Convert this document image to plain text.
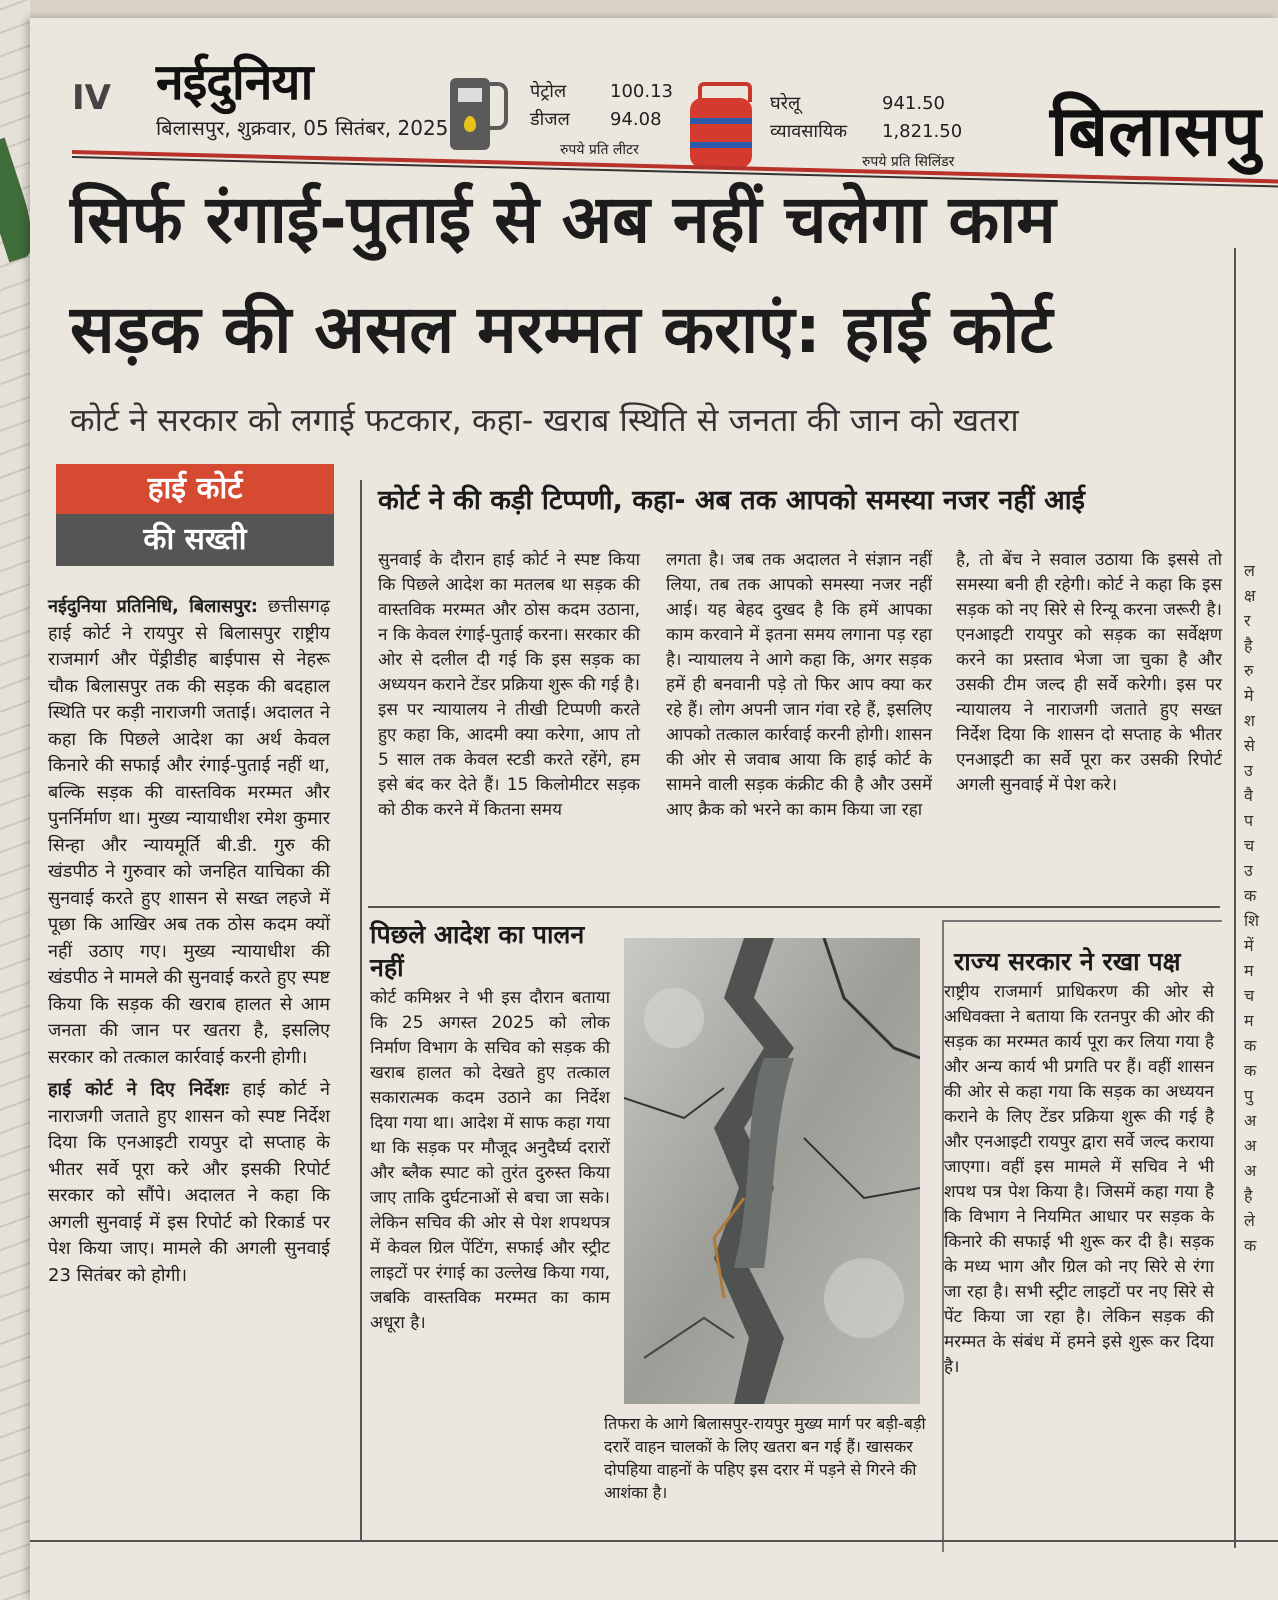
IV नईदुनिया
बिलासपुर, शुक्रवार, 05 सितंबर, 2025
पेट्रोल	100.13
डीजल	94.08
रुपये प्रति लीटर
घरेलू	941.50
व्यावसायिक	1,821.50
रुपये प्रति सिलिंडर बिलासपु
सिर्फ रंगाई-पुताई से अब नहीं चलेगा काम
सड़क की असल मरम्मत कराएं: हाई कोर्ट
कोर्ट ने सरकार को लगाई फटकार, कहा- खराब स्थिति से जनता की जान को खतरा
हाई कोर्ट
की सख्ती

नईदुनिया प्रतिनिधि, बिलासपुर: छत्तीसगढ़ हाई कोर्ट ने रायपुर से बिलासपुर राष्ट्रीय राजमार्ग और पेंड्रीडीह बाईपास से नेहरू चौक बिलासपुर तक की सड़क की बदहाल स्थिति पर कड़ी नाराजगी जताई। अदालत ने कहा कि पिछले आदेश का अर्थ केवल किनारे की सफाई और रंगाई-पुताई नहीं था, बल्कि सड़क की वास्तविक मरम्मत और पुनर्निर्माण था। मुख्य न्यायाधीश रमेश कुमार सिन्हा और न्यायमूर्ति बी.डी. गुरु की खंडपीठ ने गुरुवार को जनहित याचिका की सुनवाई करते हुए शासन से सख्त लहजे में पूछा कि आखिर अब तक ठोस कदम क्यों नहीं उठाए गए। मुख्य न्यायाधीश की खंडपीठ ने मामले की सुनवाई करते हुए स्पष्ट किया कि सड़क की खराब हालत से आम जनता की जान पर खतरा है, इसलिए सरकार को तत्काल कार्रवाई करनी होगी।

हाई कोर्ट ने दिए निर्देशः हाई कोर्ट ने नाराजगी जताते हुए शासन को स्पष्ट निर्देश दिया कि एनआइटी रायपुर दो सप्ताह के भीतर सर्वे पूरा करे और इसकी रिपोर्ट सरकार को सौंपे। अदालत ने कहा कि अगली सुनवाई में इस रिपोर्ट को रिकार्ड पर पेश किया जाए। मामले की अगली सुनवाई 23 सितंबर को होगी।

कोर्ट ने की कड़ी टिप्पणी, कहा- अब तक आपको समस्या नजर नहीं आई
सुनवाई के दौरान हाई कोर्ट ने स्पष्ट किया कि पिछले आदेश का मतलब था सड़क की वास्तविक मरम्मत और ठोस कदम उठाना, न कि केवल रंगाई-पुताई करना। सरकार की ओर से दलील दी गई कि इस सड़क का अध्ययन कराने टेंडर प्रक्रिया शुरू की गई है। इस पर न्यायालय ने तीखी टिप्पणी करते हुए कहा कि, आदमी क्या करेगा, आप तो 5 साल तक केवल स्टडी करते रहेंगे, हम इसे बंद कर देते हैं। 15 किलोमीटर सड़क को ठीक करने में कितना समय
लगता है। जब तक अदालत ने संज्ञान नहीं लिया, तब तक आपको समस्या नजर नहीं आई। यह बेहद दुखद है कि हमें आपका काम करवाने में इतना समय लगाना पड़ रहा है। न्यायालय ने आगे कहा कि, अगर सड़क हमें ही बनवानी पड़े तो फिर आप क्या कर रहे हैं। लोग अपनी जान गंवा रहे हैं, इसलिए आपको तत्काल कार्रवाई करनी होगी। शासन की ओर से जवाब आया कि हाई कोर्ट के सामने वाली सड़क कंक्रीट की है और उसमें आए क्रैक को भरने का काम किया जा रहा
है, तो बेंच ने सवाल उठाया कि इससे तो समस्या बनी ही रहेगी। कोर्ट ने कहा कि इस सड़क को नए सिरे से रिन्यू करना जरूरी है। एनआइटी रायपुर को सड़क का सर्वेक्षण करने का प्रस्ताव भेजा जा चुका है और उसकी टीम जल्द ही सर्वे करेगी। इस पर न्यायालय ने नाराजगी जताते हुए सख्त निर्देश दिया कि शासन दो सप्ताह के भीतर एनआइटी का सर्वे पूरा कर उसकी रिपोर्ट अगली सुनवाई में पेश करे।
पिछले आदेश का पालन नहीं
कोर्ट कमिश्नर ने भी इस दौरान बताया कि 25 अगस्त 2025 को लोक निर्माण विभाग के सचिव को सड़क की खराब हालत को देखते हुए तत्काल सकारात्मक कदम उठाने का निर्देश दिया गया था। आदेश में साफ कहा गया था कि सड़क पर मौजूद अनुदैर्घ्य दरारों और ब्लैक स्पाट को तुरंत दुरुस्त किया जाए ताकि दुर्घटनाओं से बचा जा सके। लेकिन सचिव की ओर से पेश शपथपत्र में केवल ग्रिल पेंटिंग, सफाई और स्ट्रीट लाइटों पर रंगाई का उल्लेख किया गया, जबकि वास्तविक मरम्मत का काम अधूरा है।
तिफरा के आगे बिलासपुर-रायपुर मुख्य मार्ग पर बड़ी-बड़ी दरारें वाहन चालकों के लिए खतरा बन गई हैं। खासकर दोपहिया वाहनों के पहिए इस दरार में पड़ने से गिरने की आशंका है।
राज्य सरकार ने रखा पक्ष
राष्ट्रीय राजमार्ग प्राधिकरण की ओर से अधिवक्ता ने बताया कि रतनपुर की ओर की सड़क का मरम्मत कार्य पूरा कर लिया गया है और अन्य कार्य भी प्रगति पर हैं। वहीं शासन की ओर से कहा गया कि सड़क का अध्ययन कराने के लिए टेंडर प्रक्रिया शुरू की गई है और एनआइटी रायपुर द्वारा सर्वे जल्द कराया जाएगा। वहीं इस मामले में सचिव ने भी शपथ पत्र पेश किया है। जिसमें कहा गया है कि विभाग ने नियमित आधार पर सड़क के किनारे की सफाई भी शुरू कर दी है। सड़क के मध्य भाग और ग्रिल को नए सिरे से रंगा जा रहा है। सभी स्ट्रीट लाइटों पर नए सिरे से पेंट किया जा रहा है। लेकिन सड़क की मरम्मत के संबंध में हमने इसे शुरू कर दिया है।
ल
क्ष
र
है
रु
मे
श
से
उ
वै
प
च
उ
क
शि
में
म
च
म
क
क
पु
अ
अ
अ
है
ले
क
